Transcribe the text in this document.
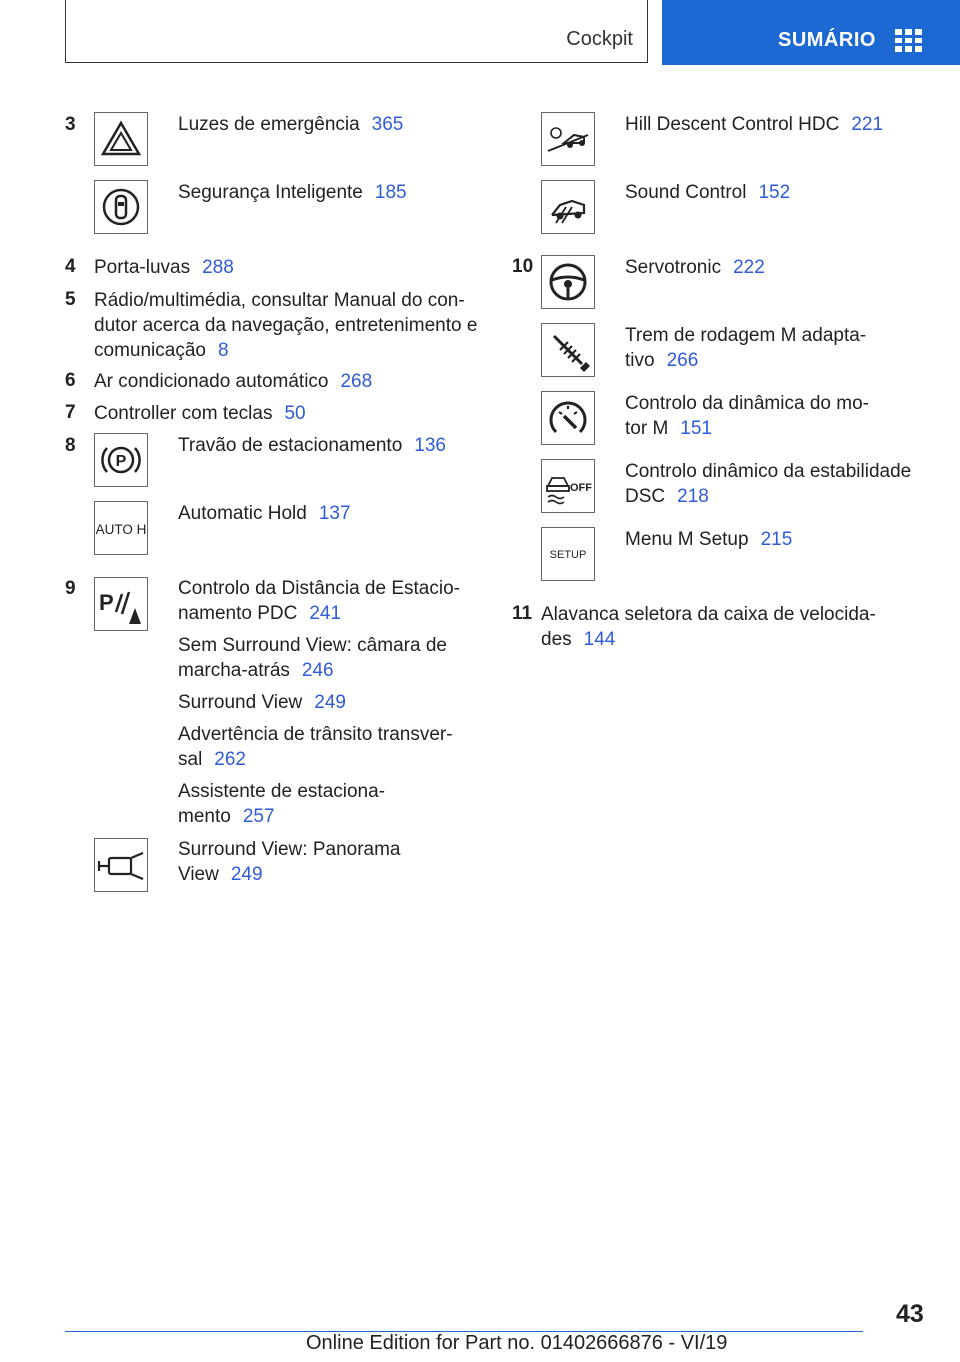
Cockpit	SUMÁRIO
3	Luzes de emergência 365
Segurança Inteligente 185
4 Porta-luvas 288
5 Rádio/multimédia, consultar Manual do con‐
dutor acerca da navegação, entretenimento e
comunicação 8
6 Ar condicionado automático 268
7 Controller com teclas 50
8
P
Travão de estacionamento 136
AUTO H
Automatic Hold 137
9
P
Controlo da Distância de Estacio‐
namento PDC 241
Sem Surround View: câmara de
marcha-atrás 246
Surround View 249
Advertência de trânsito transver‐
sal 262
Assistente de estaciona‐
mento 257
Surround View: Panorama
View 249
Hill Descent Control HDC 221
Sound Control 152
10	Servotronic 222
Trem de rodagem M adapta‐
tivo 266
Controlo da dinâmica do mo‐
tor M 151
OFF
Controlo dinâmico da estabilidade
DSC 218
SETUP
Menu M Setup 215
11 Alavanca seletora da caixa de velocida‐
des 144
43
Online Edition for Part no. 01402666876 - VI/19
